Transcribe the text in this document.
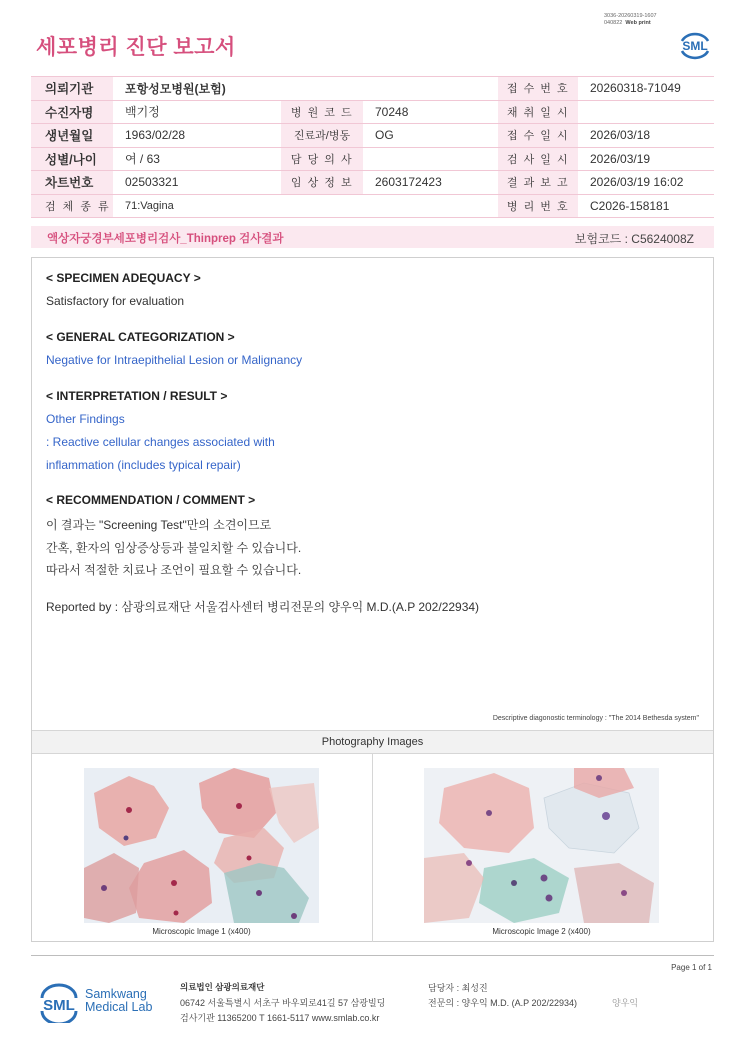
3036-20260319-1607
040822 Web print
세포병리 진단 보고서	SML
의뢰기관	포항성모병원(보험)			접 수 번 호	20260318-71049
수진자명	백기정	병 원 코 드	70248	채 취 일 시	
생년월일	1963/02/28	진료과/병동	OG	접 수 일 시	2026/03/18
성별/나이	여 / 63	담 당 의 사		검 사 일 시	2026/03/19
차트번호	02503321	임 상 정 보	2603172423	결 과 보 고	2026/03/19 16:02
검 체 종 류	71:Vagina			병 리 번 호	C2026-158181
액상자궁경부세포병리검사_Thinprep 검사결과	보험코드 : C5624008Z
< SPECIMEN ADEQUACY >
Satisfactory for evaluation
< GENERAL CATEGORIZATION >
Negative for Intraepithelial Lesion or Malignancy
< INTERPRETATION / RESULT >
Other Findings
: Reactive cellular changes associated with
inflammation (includes typical repair)
< RECOMMENDATION / COMMENT >
이 결과는 "Screening Test"만의 소견이므로
간혹, 환자의 임상증상등과 불일치할 수 있습니다.
따라서 적절한 치료나 조언이 필요할 수 있습니다.
Reported by : 삼광의료재단 서울검사센터 병리전문의 양우익 M.D.(A.P 202/22934)
Descriptive diagonostic terminology : "The 2014 Bethesda system"
Photography Images
Microscopic Image 1 (x400)	Microscopic Image 2 (x400)
Page 1 of 1
SML
Samkwang
Medical Lab
의료법인 삼광의료재단
06742 서울특별시 서초구 바우뫼로41길 57 삼광빌딩
검사기관 11365200 T 1661-5117 www.smlab.co.kr
담당자 : 최성진
전문의 : 양우익 M.D. (A.P 202/22934)	양우익
